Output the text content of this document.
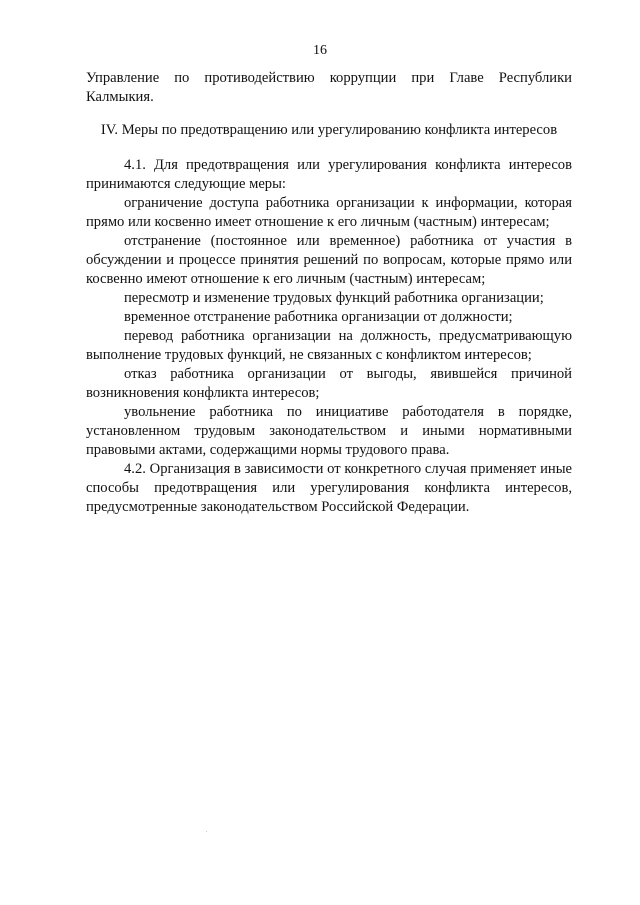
16

Управление по противодействию коррупции при Главе Республики Калмыкия.

IV. Меры по предотвращению или урегулированию конфликта интересов

4.1. Для предотвращения или урегулирования конфликта интересов принимаются следующие меры:

ограничение доступа работника организации к информации, которая прямо или косвенно имеет отношение к его личным (частным) интересам;

отстранение (постоянное или временное) работника от участия в обсуждении и процессе принятия решений по вопросам, которые прямо или косвенно имеют отношение к его личным (частным) интересам;

пересмотр и изменение трудовых функций работника организации;

временное отстранение работника организации от должности;

перевод работника организации на должность, предусматривающую выполнение трудовых функций, не связанных с конфликтом интересов;

отказ работника организации от выгоды, явившейся причиной возникновения конфликта интересов;

увольнение работника по инициативе работодателя в порядке, установленном трудовым законодательством и иными нормативными правовыми актами, содержащими нормы трудового права.

4.2. Организация в зависимости от конкретного случая применяет иные способы предотвращения или урегулирования конфликта интересов, предусмотренные законодательством Российской Федерации.
